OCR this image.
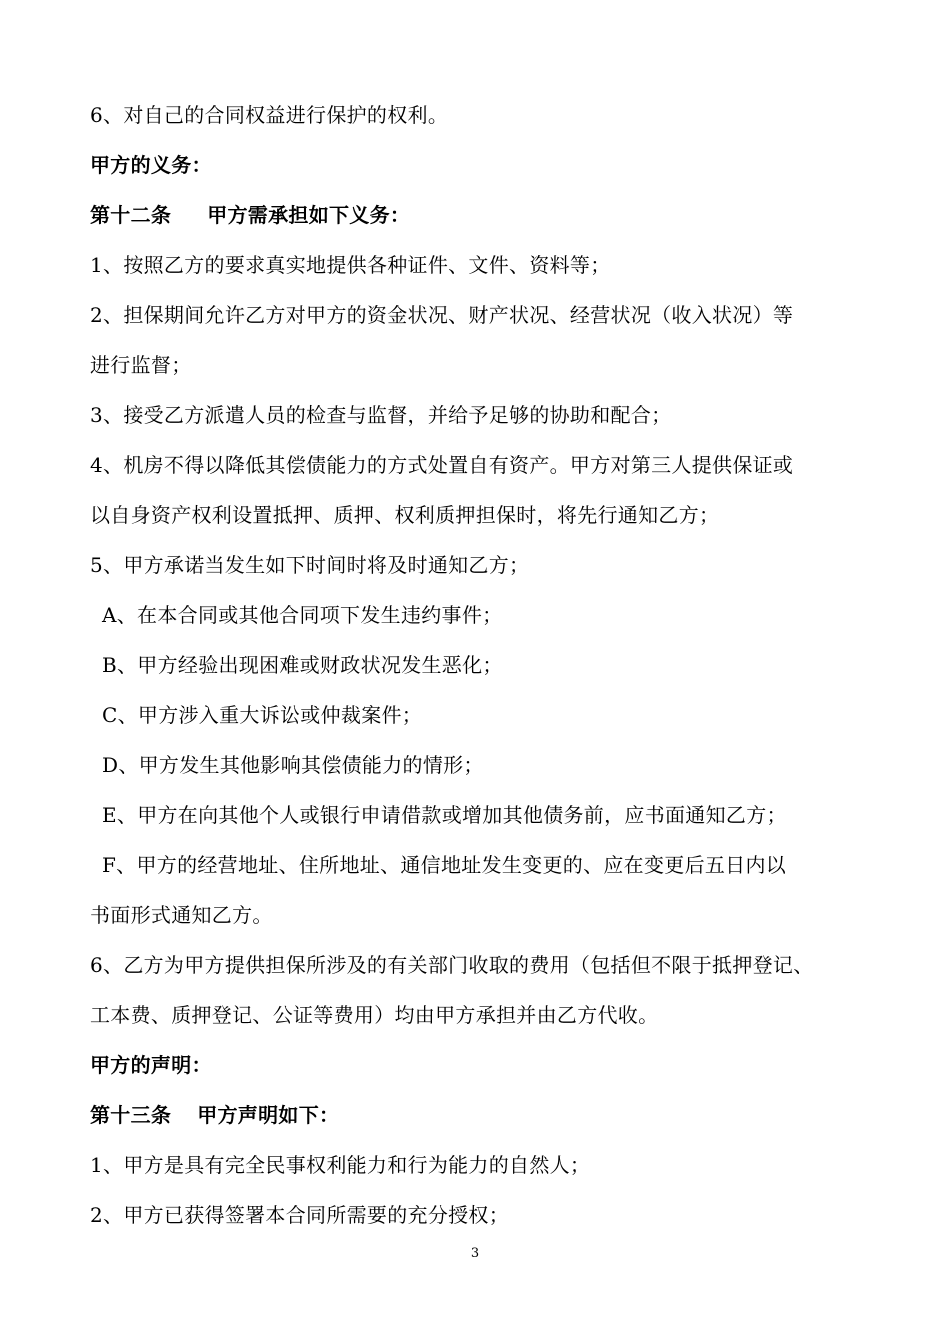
6、对自己的合同权益进行保护的权利。
甲方的义务：
第十二条 甲方需承担如下义务：
1、按照乙方的要求真实地提供各种证件、文件、资料等；
2、担保期间允许乙方对甲方的资金状况、财产状况、经营状况（收入状况）等
进行监督；
3、接受乙方派遣人员的检查与监督，并给予足够的协助和配合；
4、机房不得以降低其偿债能力的方式处置自有资产。甲方对第三人提供保证或
以自身资产权利设置抵押、质押、权利质押担保时，将先行通知乙方；
5、甲方承诺当发生如下时间时将及时通知乙方；
A、在本合同或其他合同项下发生违约事件；
B、甲方经验出现困难或财政状况发生恶化；
C、甲方涉入重大诉讼或仲裁案件；
D、甲方发生其他影响其偿债能力的情形；
E、甲方在向其他个人或银行申请借款或增加其他债务前，应书面通知乙方；
F、甲方的经营地址、住所地址、通信地址发生变更的、应在变更后五日内以
书面形式通知乙方。
6、乙方为甲方提供担保所涉及的有关部门收取的费用（包括但不限于抵押登记、
工本费、质押登记、公证等费用）均由甲方承担并由乙方代收。
甲方的声明：
第十三条 甲方声明如下：
1、甲方是具有完全民事权利能力和行为能力的自然人；
2、甲方已获得签署本合同所需要的充分授权；
3
